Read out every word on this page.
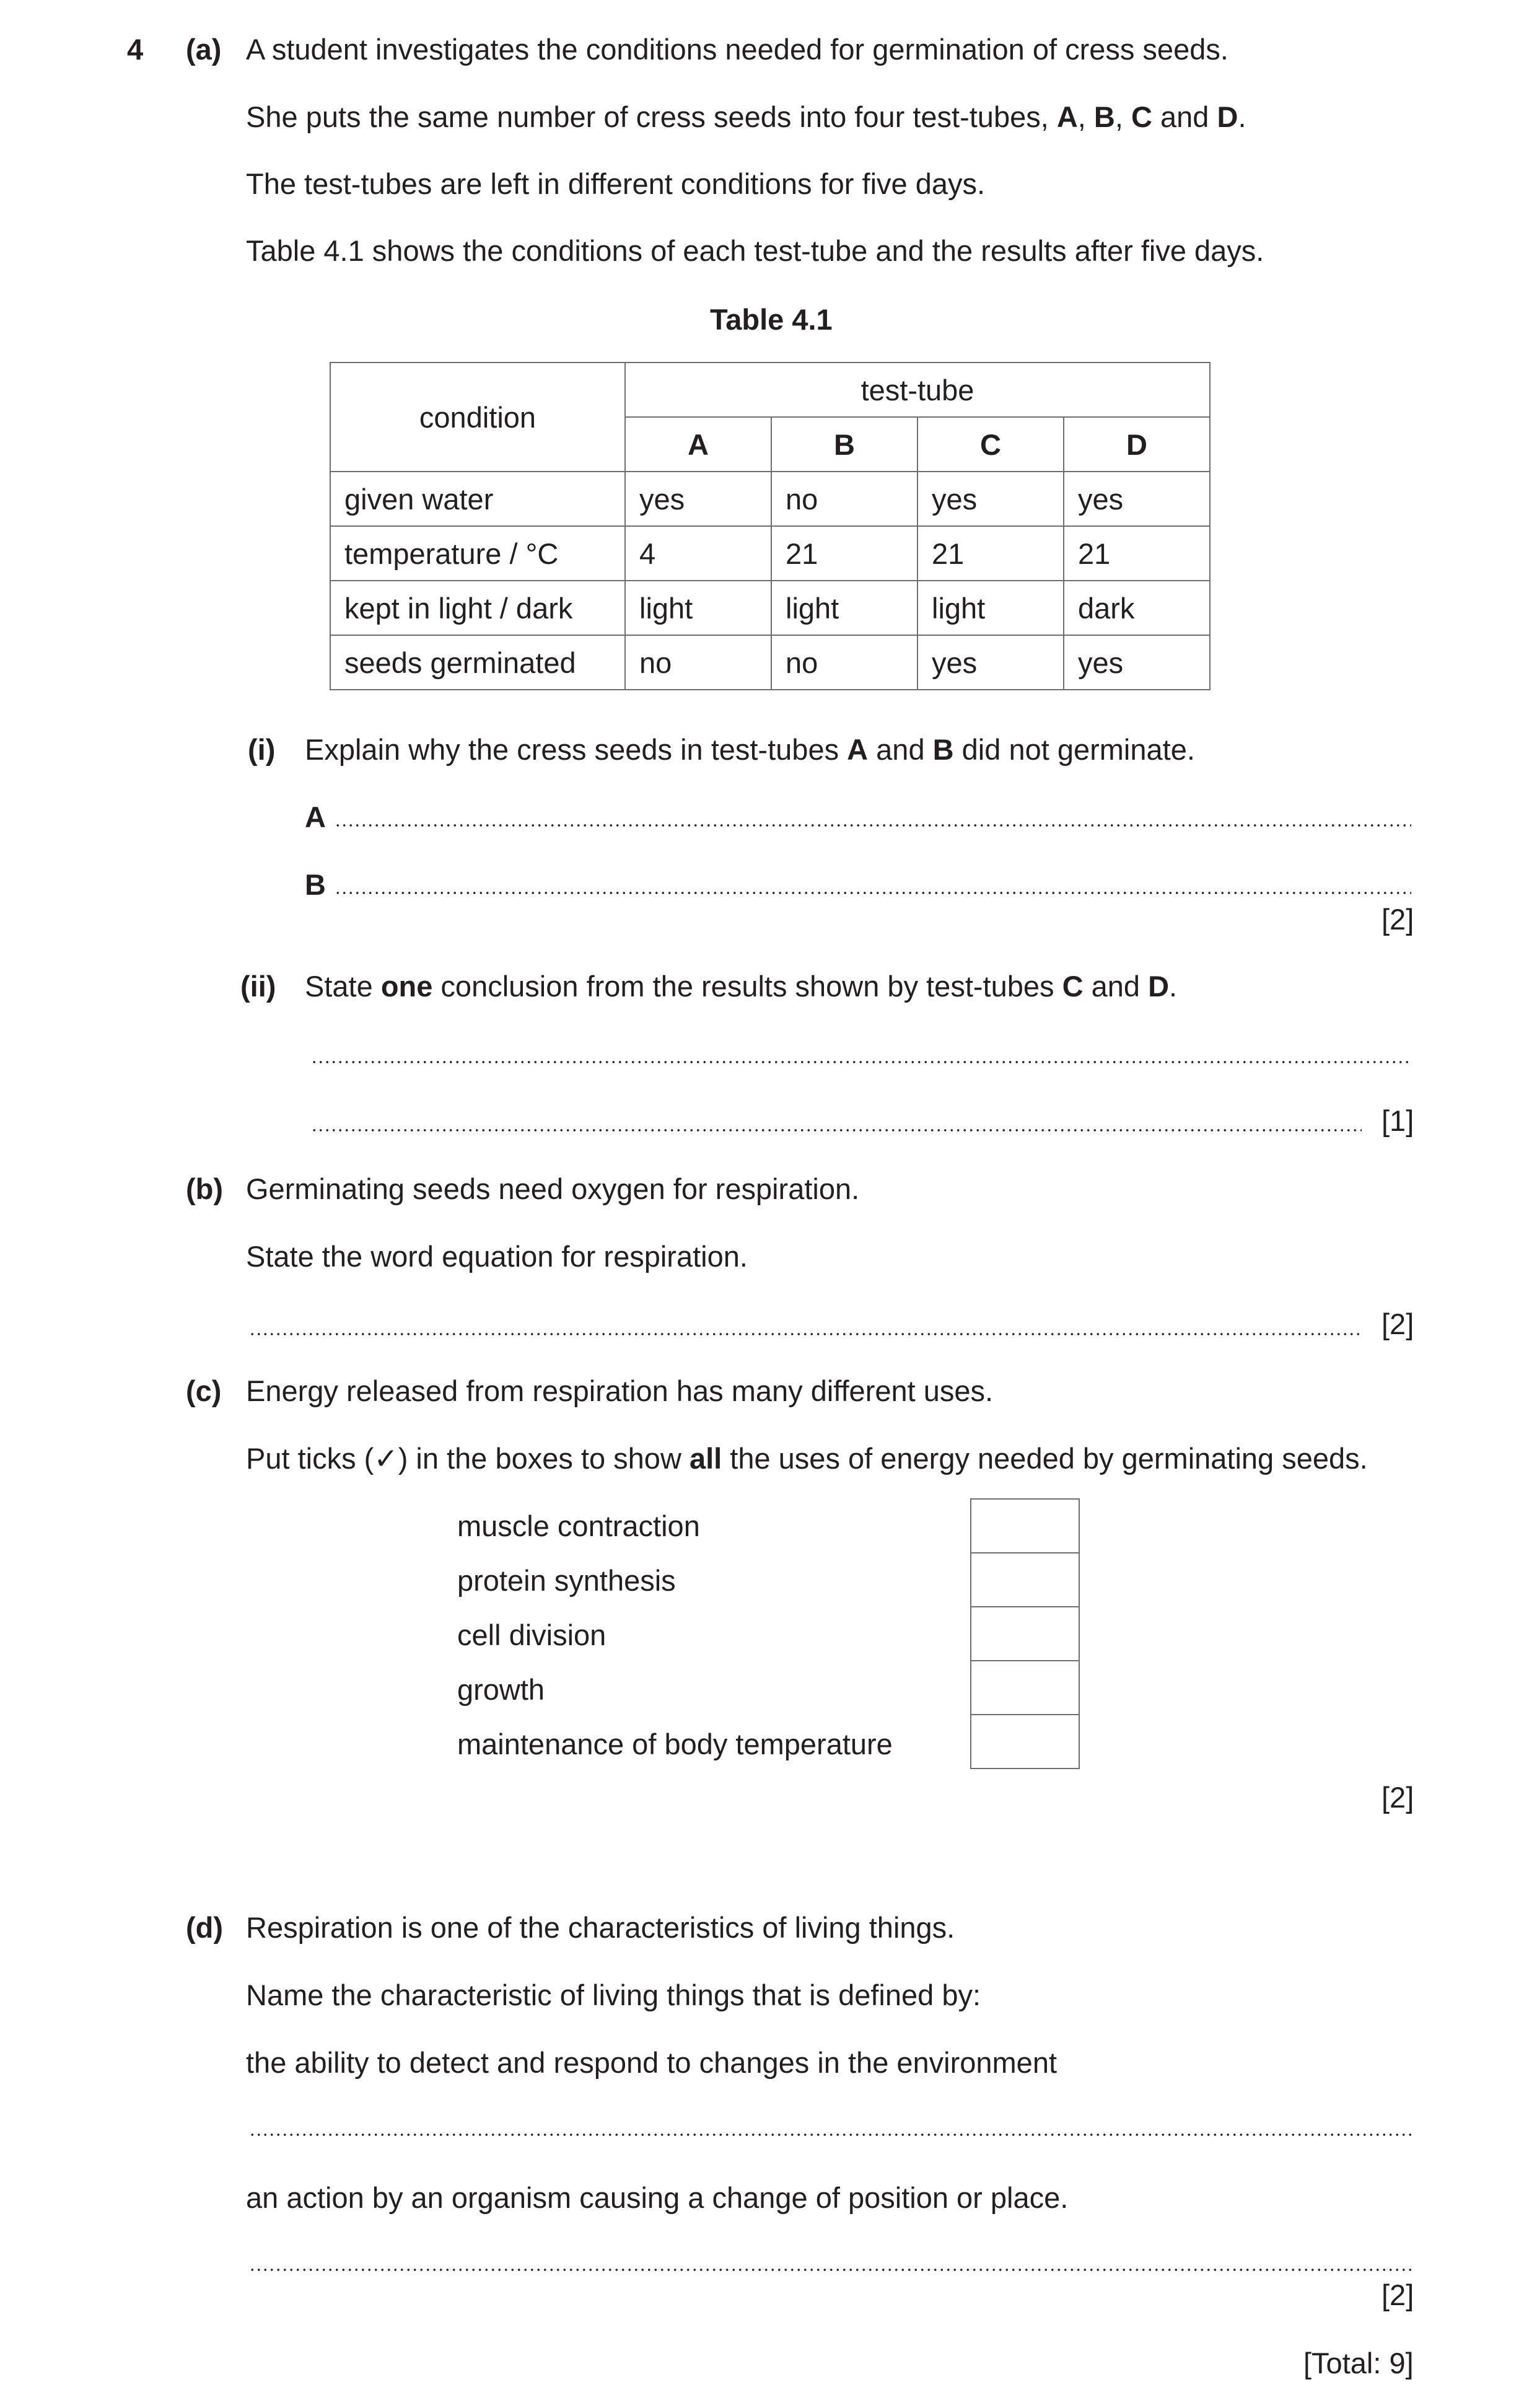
4 (a) A student investigates the conditions needed for germination of cress seeds.
She puts the same number of cress seeds into four test-tubes, A, B, C and D.
The test-tubes are left in different conditions for five days.
Table 4.1 shows the conditions of each test-tube and the results after five days.
Table 4.1
condition	test-tube			
	A	B	C	D
given water	yes	no	yes	yes
temperature / °C	4	21	21	21
kept in light / dark	light	light	light	dark
seeds germinated	no	no	yes	yes
(i) Explain why the cress seeds in test-tubes A and B did not germinate.
A
B
[2]
(ii) State one conclusion from the results shown by test-tubes C and D.
[1]
(b) Germinating seeds need oxygen for respiration.
State the word equation for respiration.
[2]
(c) Energy released from respiration has many different uses.
Put ticks (✓) in the boxes to show all the uses of energy needed by germinating seeds.
muscle contraction
protein synthesis
cell division
growth
maintenance of body temperature
[2]
(d) Respiration is one of the characteristics of living things.
Name the characteristic of living things that is defined by:
the ability to detect and respond to changes in the environment
an action by an organism causing a change of position or place.
[2]
[Total: 9]
